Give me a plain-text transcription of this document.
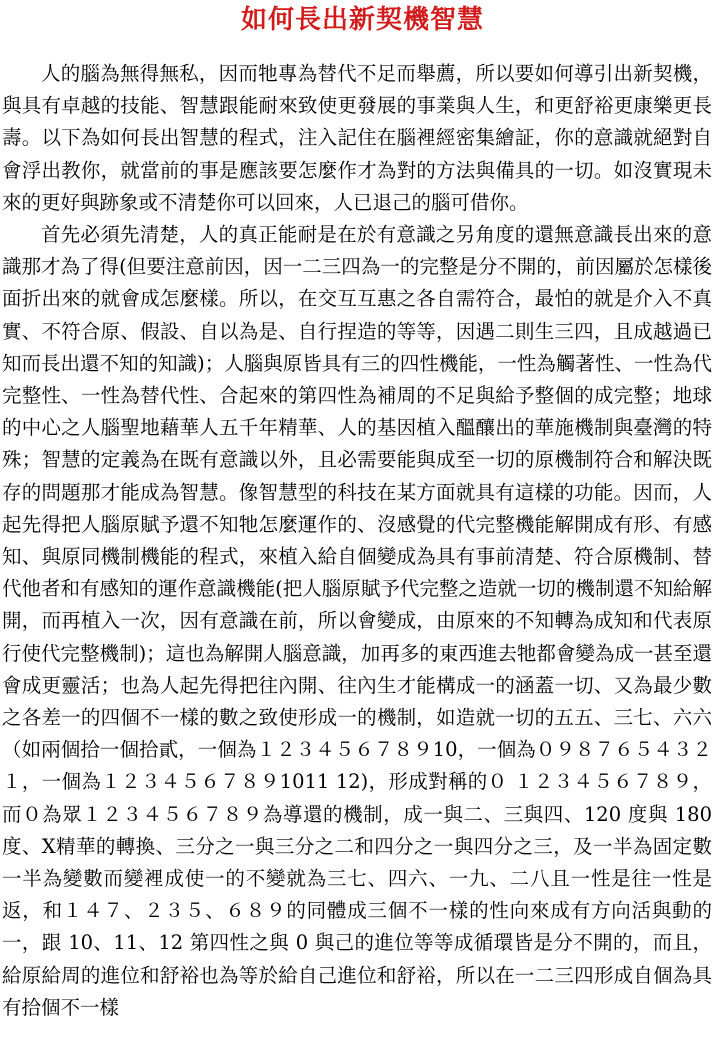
如何長出新契機智慧

人的腦為無得無私，因而牠專為替代不足而舉薦，所以要如何導引出新契機，與具有卓越的技能、智慧跟能耐來致使更發展的事業與人生，和更舒裕更康樂更長壽。以下為如何長出智慧的程式，注入記住在腦裡經密集繪証，你的意識就絕對自會浮出教你，就當前的事是應該要怎麼作才為對的方法與備具的一切。如沒實現未來的更好與跡象或不清楚你可以回來，人已退己的腦可借你。

首先必須先清楚，人的真正能耐是在於有意識之另角度的還無意識長出來的意識那才為了得(但要注意前因，因一二三四為一的完整是分不開的，前因屬於怎樣後面折出來的就會成怎麼樣。所以，在交互互惠之各自需符合，最怕的就是介入不真實、不符合原、假設、自以為是、自行捏造的等等，因遇二則生三四，且成越過已知而長出還不知的知識)；人腦與原皆具有三的四性機能，一性為觸著性、一性為代完整性、一性為替代性、合起來的第四性為補周的不足與給予整個的成完整；地球的中心之人腦聖地藉華人五千年精華、人的基因植入醞釀出的華施機制與臺灣的特殊；智慧的定義為在既有意識以外，且必需要能與成至一切的原機制符合和解決既存的問題那才能成為智慧。像智慧型的科技在某方面就具有這樣的功能。因而，人起先得把人腦原賦予還不知牠怎麼運作的、沒感覺的代完整機能解開成有形、有感知、與原同機制機能的程式，來植入給自個變成為具有事前清楚、符合原機制、替代他者和有感知的運作意識機能(把人腦原賦予代完整之造就一切的機制還不知給解開，而再植入一次，因有意識在前，所以會變成，由原來的不知轉為成知和代表原行使代完整機制)；這也為解開人腦意識，加再多的東西進去牠都會變為成一甚至還會成更靈活；也為人起先得把往內開、往內生才能構成一的涵蓋一切、又為最少數之各差一的四個不一樣的數之致使形成一的機制，如造就一切的五五、三七、六六（如兩個拾一個拾貳，一個為１２３４５６７８９10，一個為０９８７６５４３２１，一個為１２３４５６７８９1011 12)，形成對稱的０ １２３４５６７８９，而０為眾１２３４５６７８９為導還的機制，成一與二、三與四、120 度與 180 度、X精華的轉換、三分之一與三分之二和四分之一與四分之三，及一半為固定數一半為變數而變裡成使一的不變就為三七、四六、一九、二八且一性是往一性是返，和１４７、２３５、６８９的同體成三個不一樣的性向來成有方向活與動的一，跟 10、11、12 第四性之與 0 與己的進位等等成循環皆是分不開的，而且，給原給周的進位和舒裕也為等於給自己進位和舒裕，所以在一二三四形成自個為具有拾個不一樣
